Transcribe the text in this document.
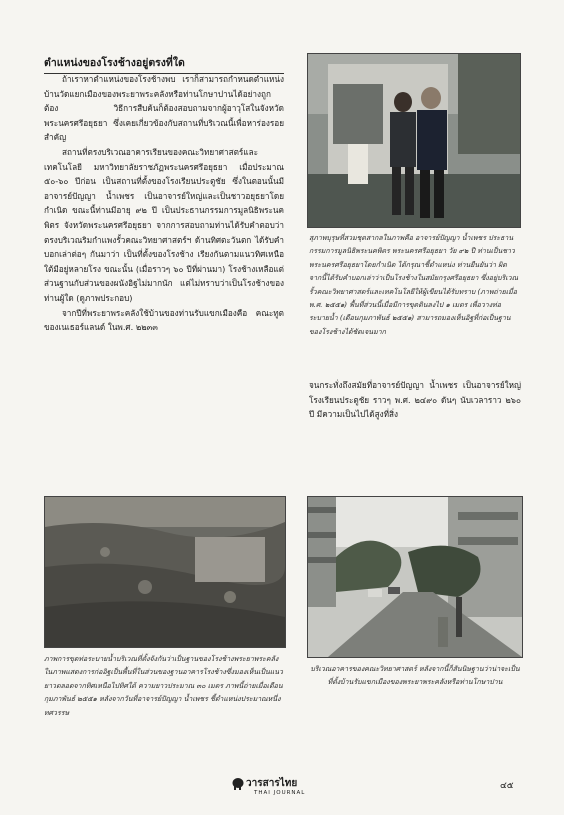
ตำแหน่งของโรงช้างอยู่ตรงที่ใด

ถ้าเราหาตำแหน่งของโรงช้างพบ เราก็สามารถกำหนดตำแหน่งบ้านวัดแยกเมืองของพระยาพระคลังหรือท่านโกษาปานได้อย่างถูกต้อง วิธีการสืบค้นก็ต้องสอบถามจากผู้อาวุโสในจังหวัดพระนครศรีอยุธยา ซึ่งเคยเกี่ยวข้องกับสถานที่บริเวณนี้เพื่อหาร่องรอยสำคัญ

สถานที่ตรงบริเวณอาคารเรียนของคณะวิทยาศาสตร์และเทคโนโลยี มหาวิทยาลัยราชภัฏพระนครศรีอยุธยา เมื่อประมาณ ๕๐-๖๐ ปีก่อน เป็นสถานที่ตั้งของโรงเรียนประตูชัย ซึ่งในตอนนั้นมีอาจารย์ปัญญา น้ำเพชร เป็นอาจารย์ใหญ่และเป็นชาวอยุธยาโดยกำเนิด ขณะนี้ท่านมีอายุ ๙๒ ปี เป็นประธานกรรมการมูลนิธิพระนคพิตร จังหวัดพระนครศรีอยุธยา จากการสอบถามท่านได้รับคำตอบว่า ตรงบริเวณริมกำแพงรั้วคณะวิทยาศาสตร์ฯ ด้านทิศตะวันตก ได้รับคำบอกเล่าต่อๆ กันมาว่า เป็นที่ตั้งของโรงช้าง เรียงกันตามแนวทิศเหนือใต้มีอยู่หลายโรง ขณะนั้น (เมื่อราวๆ ๖๐ ปีที่ผ่านมา) โรงช้างเหลือแต่ส่วนฐานกับส่วนของผนังอิฐไม่มากนัก แต่ไม่ทราบว่าเป็นโรงช้างของท่านผู้ใด (ดูภาพประกอบ)

จากปีที่พระยาพระคลังใช้บ้านของท่านรับแขกเมืองคือ คณะทูตของเนเธอร์แลนด์ ในพ.ศ. ๒๒๓๓

สุภาพบุรุษที่สวมชุดสากลในภาพคือ อาจารย์ปัญญา น้ำเพชร ประธานกรรมการมูลนิธิพระนคพิตร พระนครศรีอยุธยา วัย ๙๒ ปี ท่านเป็นชาวพระนครศรีอยุธยาโดยกำเนิด ได้กรุณาชี้ตำแหน่ง ท่านยืนยันว่า ผิดจากนี้ได้รับคำบอกเล่าว่าเป็นโรงช้างในสมัยกรุงศรีอยุธยา ซึ่งอยู่บริเวณรั้วคณะวิทยาศาสตร์และเทคโนโลยีให้ผู้เขียนได้รับทราบ (ภาพถ่ายเมื่อ พ.ศ. ๒๕๕๑) พื้นที่ส่วนนี้เมื่อมีการขุดดินลงไป ๑ เมตร เพื่อวางท่อระบายน้ำ (เดือนกุมภาพันธ์ ๒๕๕๑) สามารถมองเห็นอิฐที่ก่อเป็นฐานของโรงช้างได้ชัดเจนมาก
จนกระทั่งถึงสมัยที่อาจารย์ปัญญา น้ำเพชร เป็นอาจารย์ใหญ่โรงเรียนประตูชัย ราวๆ พ.ศ. ๒๔๙๐ ดันๆ นับเวลาราว ๒๖๐ ปี มีความเป็นไปได้สูงที่สิ่ง
ภาพการขุดท่อระบายน้ำบริเวณที่ตั้งจังกันว่าเป็นฐานของโรงช้างพระยาพระคลัง ในภาพแสดงการก่ออิฐเป็นพื้นที่ในส่วนของฐานอาคารโรงช้างซึ่งมองเห็นเป็นแนวยาวตลอดจากทิศเหนือไปทิศใต้ ความยาวประมาณ ๓๐ เมตร ภาพนี้ถ่ายเมื่อเดือนกุมภาพันธ์ ๒๕๕๑ หลังจากวันที่อาจารย์ปัญญา น้ำเพชร ชี้ตำแหน่งประมาณหนึ่งทศวรรษ
บริเวณอาคารของคณะวิทยาศาสตร์ หลังจากนี้ก็สันนิษฐานว่าน่าจะเป็นที่ตั้งบ้านรับแขกเมืองของพระยาพระคลังหรือท่านโกษาปาน
วารสารไทย
THAI JOURNAL
๔๕
